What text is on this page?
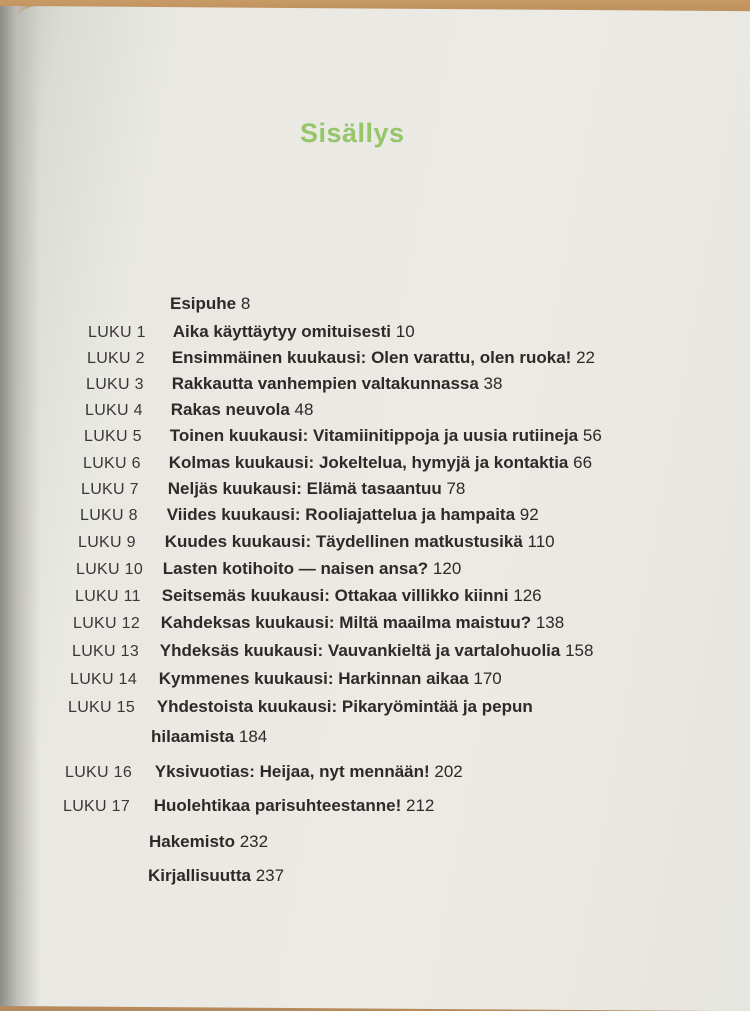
Sisällys
Esipuhe 8
LUKU 1 Aika käyttäytyy omituisesti 10
LUKU 2 Ensimmäinen kuukausi: Olen varattu, olen ruoka! 22
LUKU 3 Rakkautta vanhempien valtakunnassa 38
LUKU 4 Rakas neuvola 48
LUKU 5 Toinen kuukausi: Vitamiinitippoja ja uusia rutiineja 56
LUKU 6 Kolmas kuukausi: Jokeltelua, hymyjä ja kontaktia 66
LUKU 7 Neljäs kuukausi: Elämä tasaantuu 78
LUKU 8 Viides kuukausi: Rooliajattelua ja hampaita 92
LUKU 9 Kuudes kuukausi: Täydellinen matkustusikä 110
LUKU 10 Lasten kotihoito — naisen ansa? 120
LUKU 11 Seitsemäs kuukausi: Ottakaa villikko kiinni 126
LUKU 12 Kahdeksas kuukausi: Miltä maailma maistuu? 138
LUKU 13 Yhdeksäs kuukausi: Vauvankieltä ja vartalohuolia 158
LUKU 14 Kymmenes kuukausi: Harkinnan aikaa 170
LUKU 15 Yhdestoista kuukausi: Pikaryömintää ja pepun
hilaamista 184
LUKU 16 Yksivuotias: Heijaa, nyt mennään! 202
LUKU 17 Huolehtikaa parisuhteestanne! 212
Hakemisto 232
Kirjallisuutta 237
